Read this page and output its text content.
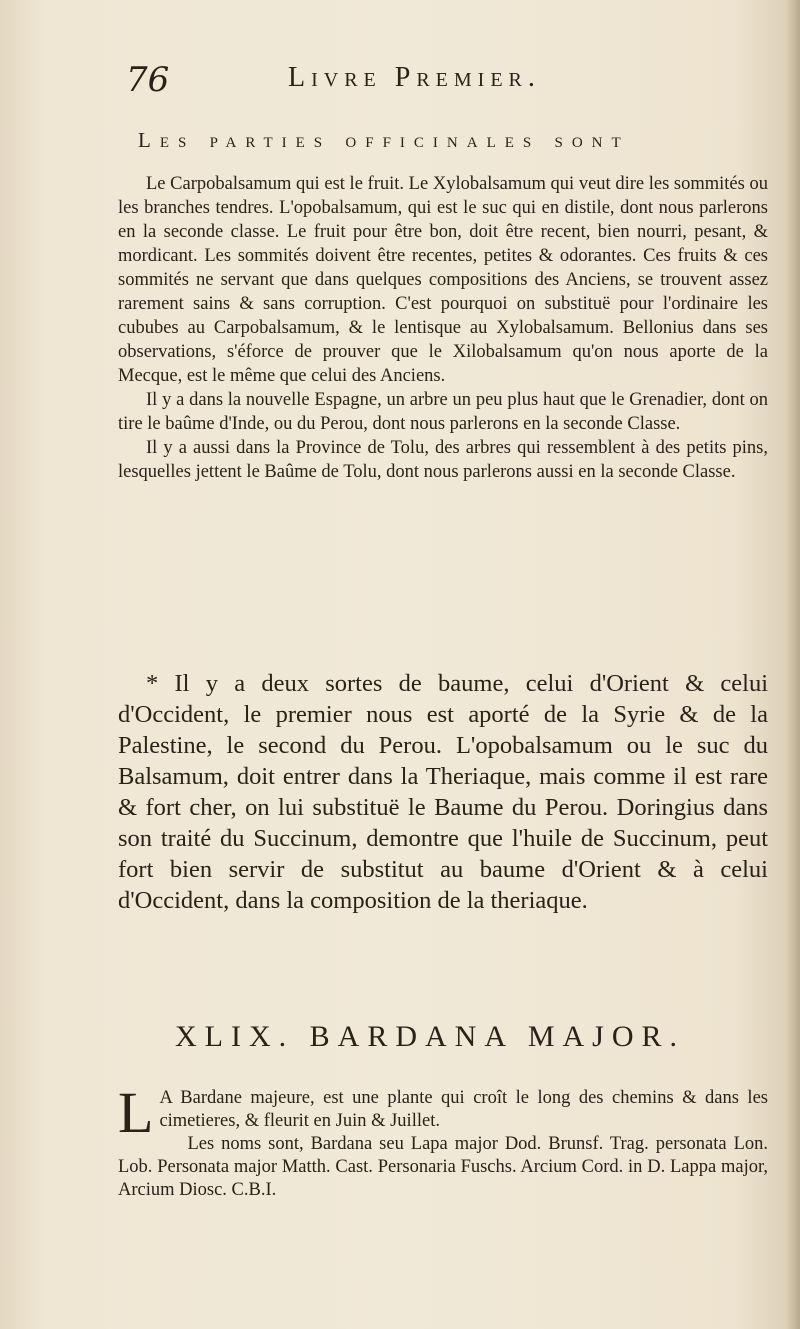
76	Livre Premier.
Les parties officinales sont

Le Carpobalsamum qui est le fruit. Le Xylobalsamum qui veut dire les sommités ou les branches tendres. L'opobalsamum, qui est le suc qui en distile, dont nous parlerons en la seconde classe. Le fruit pour être bon, doit être recent, bien nourri, pesant, & mordicant. Les sommités doivent être recentes, petites & odorantes. Ces fruits & ces sommités ne servant que dans quelques compositions des Anciens, se trouvent assez rarement sains & sans corruption. C'est pourquoi on substituë pour l'ordinaire les cububes au Carpobalsamum, & le lentisque au Xylobalsamum. Bellonius dans ses observations, s'éforce de prouver que le Xilobalsamum qu'on nous aporte de la Mecque, est le même que celui des Anciens.

Il y a dans la nouvelle Espagne, un arbre un peu plus haut que le Grenadier, dont on tire le baûme d'Inde, ou du Perou, dont nous parlerons en la seconde Classe.

Il y a aussi dans la Province de Tolu, des arbres qui ressemblent à des petits pins, lesquelles jettent le Baûme de Tolu, dont nous parlerons aussi en la seconde Classe.

* Il y a deux sortes de baume, celui d'Orient & celui d'Occident, le premier nous est aporté de la Syrie & de la Palestine, le second du Perou. L'opobalsamum ou le suc du Balsamum, doit entrer dans la Theriaque, mais comme il est rare & fort cher, on lui substituë le Baume du Perou. Doringius dans son traité du Succinum, demontre que l'huile de Succinum, peut fort bien servir de substitut au baume d'Orient & à celui d'Occident, dans la composition de la theriaque.

XLIX. BARDANA MAJOR.
L A Bardane majeure, est une plante qui croît le long des chemins & dans les cimetieres, & fleurit en Juin & Juillet.

Les noms sont, Bardana seu Lapa major Dod. Brunsf. Trag. personata Lon. Lob. Personata major Matth. Cast. Personaria Fuschs. Arcium Cord. in D. Lappa major, Arcium Diosc. C.B.I.
